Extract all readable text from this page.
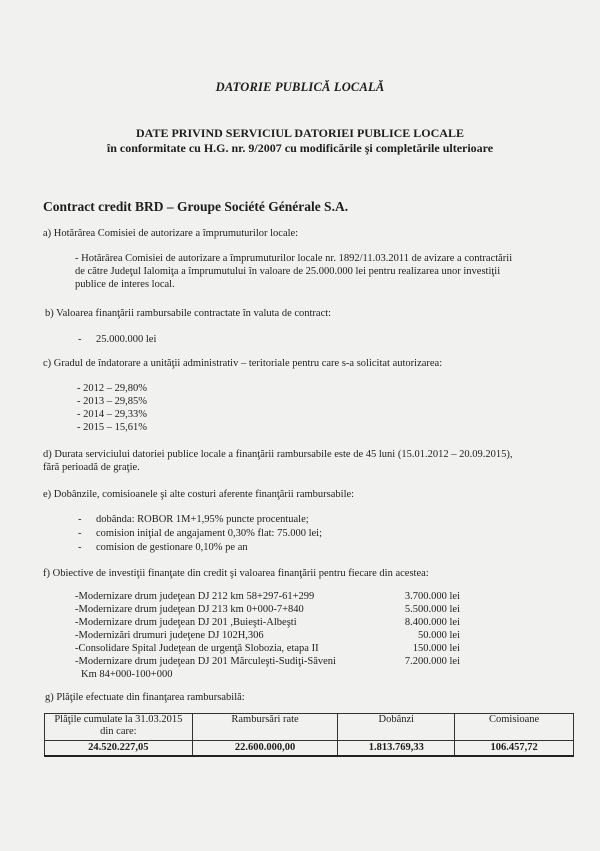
DATORIE PUBLICĂ LOCALĂ
DATE PRIVIND SERVICIUL DATORIEI PUBLICE LOCALE
în conformitate cu H.G. nr. 9/2007 cu modificările şi completările ulterioare
Contract credit BRD – Groupe Société Générale S.A.
a) Hotărârea Comisiei de autorizare a împrumuturilor locale:
- Hotărârea Comisiei de autorizare a împrumuturilor locale nr. 1892/11.03.2011 de avizare a contractării
de către Judeţul Ialomiţa a împrumutului în valoare de 25.000.000 lei pentru realizarea unor investiţii
publice de interes local.
b) Valoarea finanţării rambursabile contractate în valuta de contract:
- 25.000.000 lei
c) Gradul de îndatorare a unităţii administrativ – teritoriale pentru care s-a solicitat autorizarea:
- 2012 – 29,80%
- 2013 – 29,85%
- 2014 – 29,33%
- 2015 – 15,61%
d) Durata serviciului datoriei publice locale a finanţării rambursabile este de 45 luni (15.01.2012 – 20.09.2015),
fără perioadă de graţie.
e) Dobânzile, comisioanele şi alte costuri aferente finanţării rambursabile:
- dobânda: ROBOR 1M+1,95% puncte procentuale;
- comision iniţial de angajament 0,30% flat: 75.000 lei;
- comision de gestionare 0,10% pe an
f) Obiective de investiţii finanţate din credit şi valoarea finanţării pentru fiecare din acestea:
-Modernizare drum judeţean DJ 212 km 58+297-61+299	3.700.000 lei
-Modernizare drum judeţean DJ 213 km 0+000-7+840	5.500.000 lei
-Modernizare drum judeţean DJ 201 ,Buieşti-Albeşti	8.400.000 lei
-Modernizări drumuri judeţene DJ 102H,306	50.000 lei
-Consolidare Spital Judeţean de urgenţă Slobozia, etapa II	150.000 lei
-Modernizare drum judeţean DJ 201 Mărculeşti-Sudiţi-Săveni	7.200.000 lei
Km 84+000-100+000
g) Plăţile efectuate din finanţarea rambursabilă:
Plăţile cumulate la 31.03.2015
din care:	Rambursări rate	Dobânzi	Comisioane
24.520.227,05	22.600.000,00	1.813.769,33	106.457,72
